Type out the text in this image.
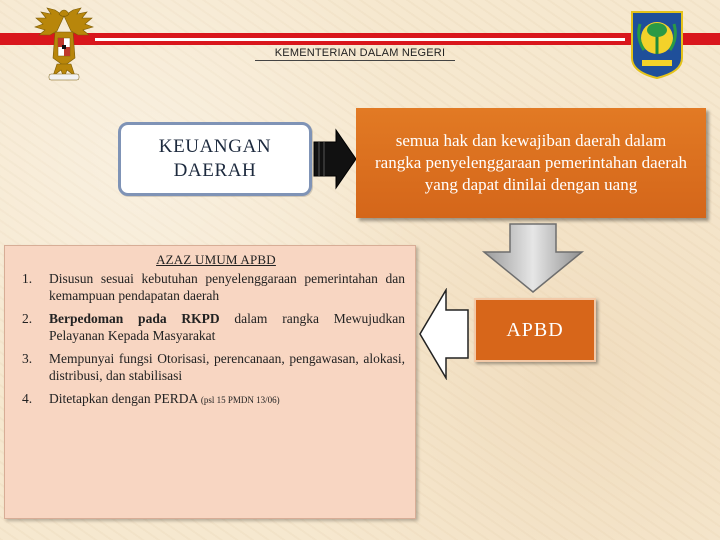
KEMENTERIAN DALAM NEGERI
KEUANGAN
DAERAH
semua hak dan kewajiban daerah dalam rangka penyelenggaraan pemerintahan daerah yang dapat dinilai dengan uang
APBD
AZAZ UMUM APBD
1. Disusun sesuai kebutuhan penyelenggaraan pemerintahan dan kemampuan pendapatan daerah
2. Berpedoman pada RKPD dalam rangka Mewujudkan Pelayanan Kepada Masyarakat
3. Mempunyai fungsi Otorisasi, perencanaan, pengawasan, alokasi, distribusi, dan stabilisasi
4. Ditetapkan dengan PERDA (psl 15 PMDN 13/06)
